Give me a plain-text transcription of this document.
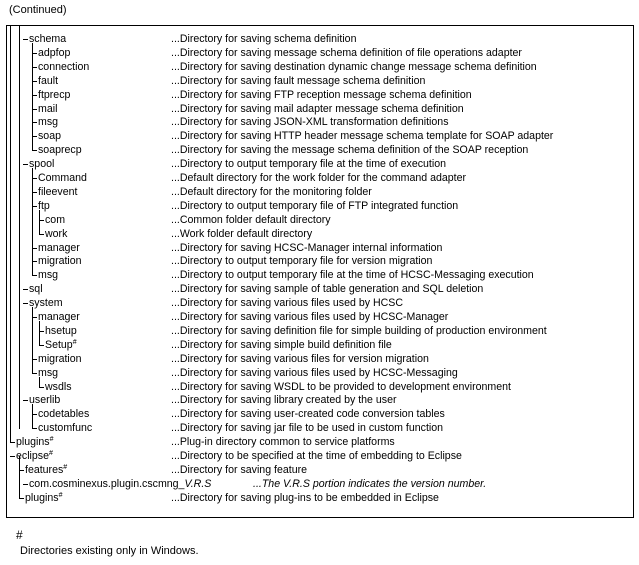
(Continued)
schema	...Directory for saving schema definition
adpfop	...Directory for saving message schema definition of file operations adapter
connection	...Directory for saving destination dynamic change message schema definition
fault	...Directory for saving fault message schema definition
ftprecp	...Directory for saving FTP reception message schema definition
mail	...Directory for saving mail adapter message schema definition
msg	...Directory for saving JSON-XML transformation definitions
soap	...Directory for saving HTTP header message schema template for SOAP adapter
soaprecp	...Directory for saving the message schema definition of the SOAP reception
spool	...Directory to output temporary file at the time of execution
Command	...Default directory for the work folder for the command adapter
fileevent	...Default directory for the monitoring folder
ftp	...Directory to output temporary file of FTP integrated function
com	...Common folder default directory
work	...Work folder default directory
manager	...Directory for saving HCSC-Manager internal information
migration	...Directory to output temporary file for version migration
msg	...Directory to output temporary file at the time of HCSC-Messaging execution
sql	...Directory for saving sample of table generation and SQL deletion
system	...Directory for saving various files used by HCSC
manager	...Directory for saving various files used by HCSC-Manager
hsetup	...Directory for saving definition file for simple building of production environment
Setup#	...Directory for saving simple build definition file
migration	...Directory for saving various files for version migration
msg	...Directory for saving various files used by HCSC-Messaging
wsdls	...Directory for saving WSDL to be provided to development environment
userlib	...Directory for saving library created by the user
codetables	...Directory for saving user-created code conversion tables
customfunc	...Directory for saving jar file to be used in custom function
plugins#	...Plug-in directory common to service platforms
eclipse#	...Directory to be specified at the time of embedding to Eclipse
features#	...Directory for saving feature
com.cosminexus.plugin.cscmng_V.R.S	...The V.R.S portion indicates the version number.
plugins#	...Directory for saving plug-ins to be embedded in Eclipse
#
Directories existing only in Windows.
